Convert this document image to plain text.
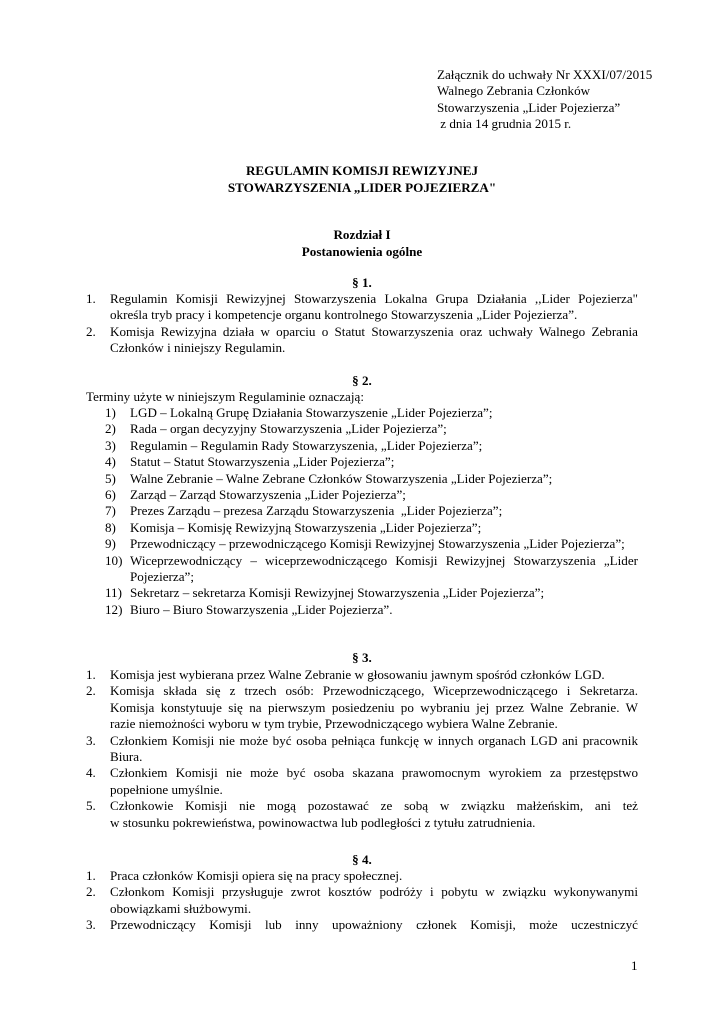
Załącznik do uchwały Nr XXXI/07/2015
Walnego Zebrania Członków
Stowarzyszenia „Lider Pojezierza”
z dnia 14 grudnia 2015 r.
REGULAMIN KOMISJI REWIZYJNEJ
STOWARZYSZENIA „LIDER POJEZIERZA"
Rozdział I
Postanowienia ogólne
§ 1.
1. Regulamin Komisji Rewizyjnej Stowarzyszenia Lokalna Grupa Działania ,,Lider Pojezierza"
określa tryb pracy i kompetencje organu kontrolnego Stowarzyszenia „Lider Pojezierza”.
2. Komisja Rewizyjna działa w oparciu o Statut Stowarzyszenia oraz uchwały Walnego Zebrania
Członków i niniejszy Regulamin.
§ 2.
Terminy użyte w niniejszym Regulaminie oznaczają:
1) LGD – Lokalną Grupę Działania Stowarzyszenie „Lider Pojezierza”;
2) Rada – organ decyzyjny Stowarzyszenia „Lider Pojezierza”;
3) Regulamin – Regulamin Rady Stowarzyszenia, „Lider Pojezierza”;
4) Statut – Statut Stowarzyszenia „Lider Pojezierza”;
5) Walne Zebranie – Walne Zebrane Członków Stowarzyszenia „Lider Pojezierza”;
6) Zarząd – Zarząd Stowarzyszenia „Lider Pojezierza”;
7) Prezes Zarządu – prezesa Zarządu Stowarzyszenia  „Lider Pojezierza”;
8) Komisja – Komisję Rewizyjną Stowarzyszenia „Lider Pojezierza”;
9) Przewodniczący – przewodniczącego Komisji Rewizyjnej Stowarzyszenia „Lider Pojezierza”;
10) Wiceprzewodniczący – wiceprzewodniczącego Komisji Rewizyjnej Stowarzyszenia „Lider
Pojezierza”;
11) Sekretarz – sekretarza Komisji Rewizyjnej Stowarzyszenia „Lider Pojezierza”;
12) Biuro – Biuro Stowarzyszenia „Lider Pojezierza”.
§ 3.
1. Komisja jest wybierana przez Walne Zebranie w głosowaniu jawnym spośród członków LGD.
2. Komisja składa się z trzech osób: Przewodniczącego, Wiceprzewodniczącego i Sekretarza.
Komisja konstytuuje się na pierwszym posiedzeniu po wybraniu jej przez Walne Zebranie. W
razie niemożności wyboru w tym trybie, Przewodniczącego wybiera Walne Zebranie.
3. Członkiem Komisji nie może być osoba pełniąca funkcję w innych organach LGD ani pracownik
Biura.
4. Członkiem Komisji nie może być osoba skazana prawomocnym wyrokiem za przestępstwo
popełnione umyślnie.
5. Członkowie Komisji nie mogą pozostawać ze sobą w związku małżeńskim, ani też
w stosunku pokrewieństwa, powinowactwa lub podległości z tytułu zatrudnienia.
§ 4.
1. Praca członków Komisji opiera się na pracy społecznej.
2. Członkom Komisji przysługuje zwrot kosztów podróży i pobytu w związku wykonywanymi
obowiązkami służbowymi.
3. Przewodniczący Komisji lub inny upoważniony członek Komisji, może uczestniczyć
1
